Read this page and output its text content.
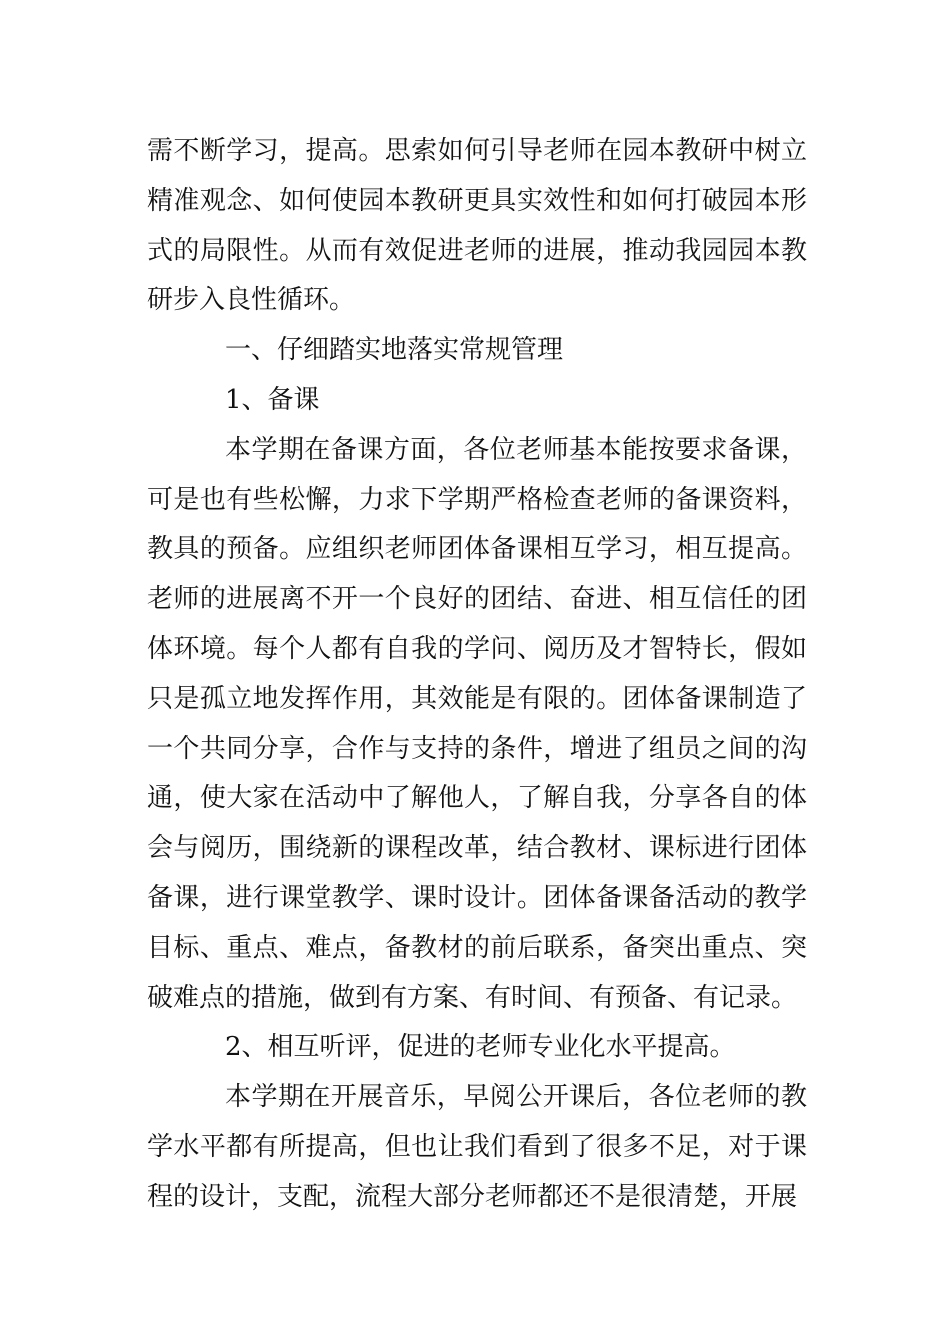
需不断学习，提高。思索如何引导老师在园本教研中树立精准观念、如何使园本教研更具实效性和如何打破园本形式的局限性。从而有效促进老师的进展，推动我园园本教研步入良性循环。

一、仔细踏实地落实常规管理

1、备课

本学期在备课方面，各位老师基本能按要求备课，可是也有些松懈，力求下学期严格检查老师的备课资料，教具的预备。应组织老师团体备课相互学习，相互提高。老师的进展离不开一个良好的团结、奋进、相互信任的团体环境。每个人都有自我的学问、阅历及才智特长，假如只是孤立地发挥作用，其效能是有限的。团体备课制造了一个共同分享，合作与支持的条件，增进了组员之间的沟通，使大家在活动中了解他人，了解自我，分享各自的体会与阅历，围绕新的课程改革，结合教材、课标进行团体备课，进行课堂教学、课时设计。团体备课备活动的教学目标、重点、难点，备教材的前后联系，备突出重点、突破难点的措施，做到有方案、有时间、有预备、有记录。

2、相互听评，促进的老师专业化水平提高。

本学期在开展音乐，早阅公开课后，各位老师的教学水平都有所提高，但也让我们看到了很多不足，对于课程的设计，支配，流程大部分老师都还不是很清楚，开展
